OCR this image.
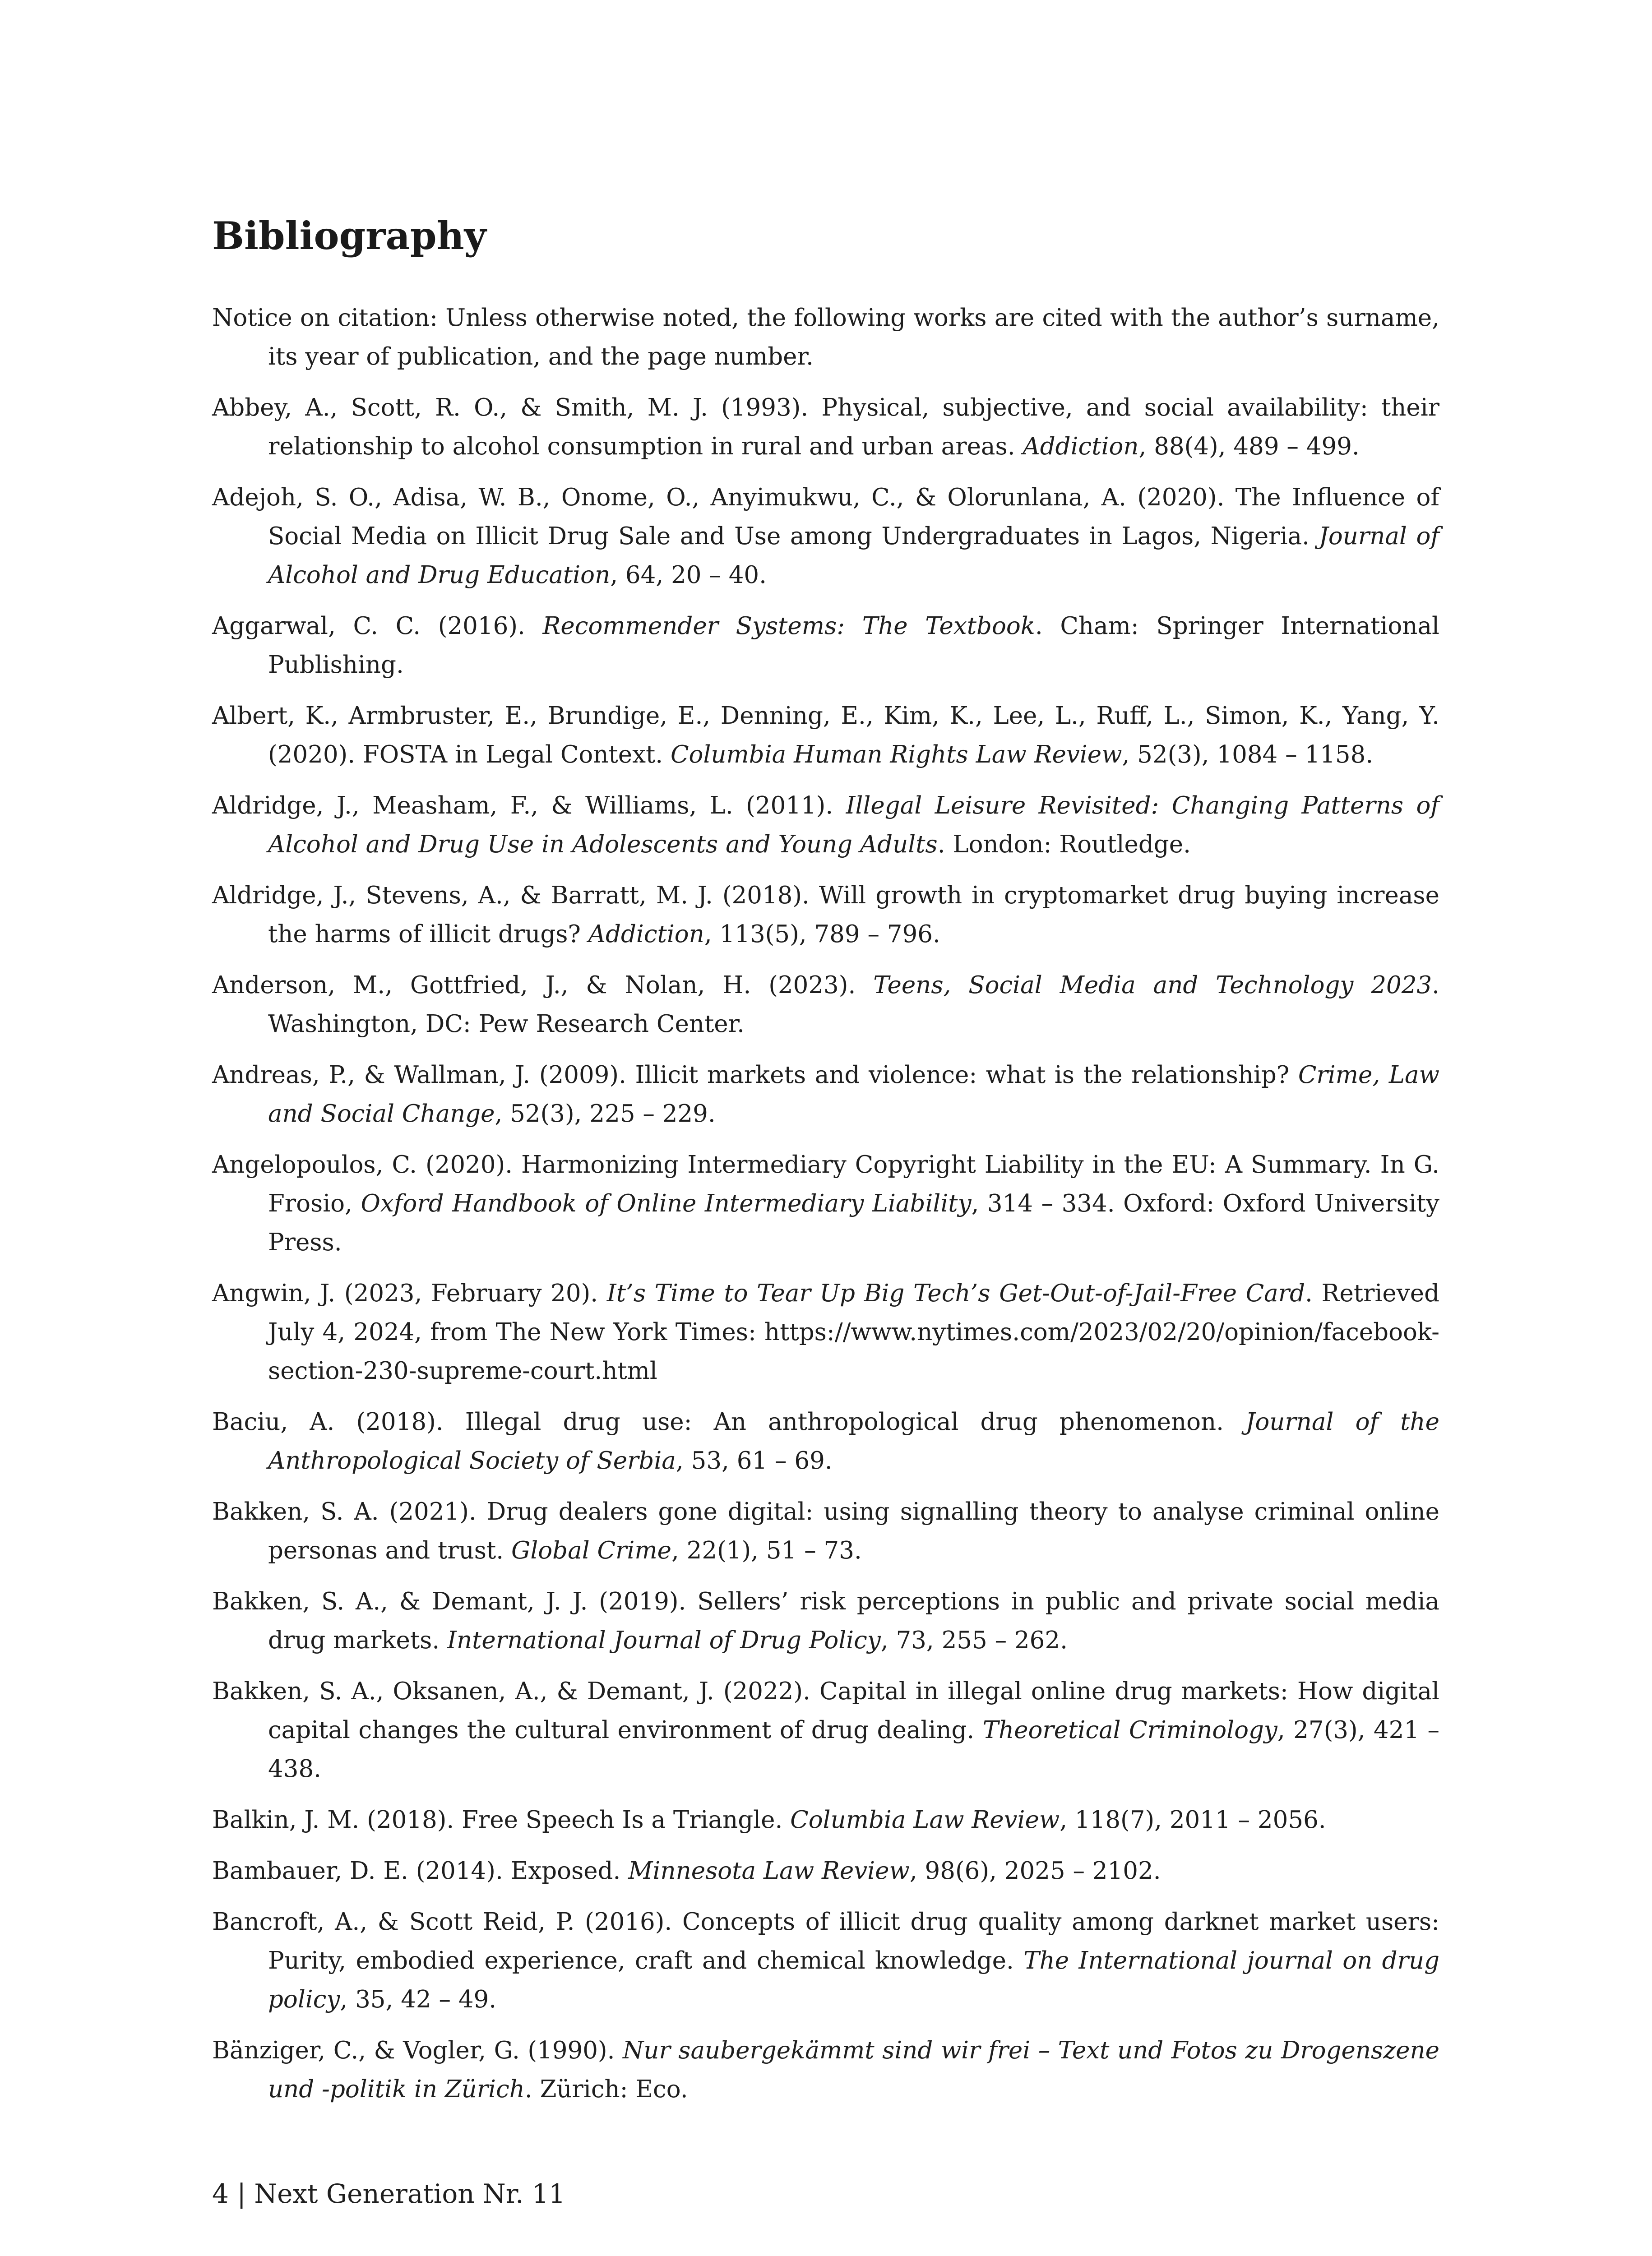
Bibliography
Notice on citation: Unless otherwise noted, the following works are cited with the author’s surname, its year of publication, and the page number.
Abbey, A., Scott, R. O., & Smith, M. J. (1993). Physical, subjective, and social availability: their relationship to alcohol consumption in rural and urban areas. Addiction, 88(4), 489 – 499.
Adejoh, S. O., Adisa, W. B., Onome, O., Anyimukwu, C., & Olorunlana, A. (2020). The Influence of Social Media on Illicit Drug Sale and Use among Undergraduates in Lagos, Nigeria. Journal of Alcohol and Drug Education, 64, 20 – 40.
Aggarwal, C. C. (2016). Recommender Systems: The Textbook. Cham: Springer International Publishing.
Albert, K., Armbruster, E., Brundige, E., Denning, E., Kim, K., Lee, L., Ruff, L., Simon, K., Yang, Y. (2020). FOSTA in Legal Context. Columbia Human Rights Law Review, 52(3), 1084 – 1158.
Aldridge, J., Measham, F., & Williams, L. (2011). Illegal Leisure Revisited: Changing Patterns of Alcohol and Drug Use in Adolescents and Young Adults. London: Routledge.
Aldridge, J., Stevens, A., & Barratt, M. J. (2018). Will growth in cryptomarket drug buying increase the harms of illicit drugs? Addiction, 113(5), 789 – 796.
Anderson, M., Gottfried, J., & Nolan, H. (2023). Teens, Social Media and Technology 2023. Washington, DC: Pew Research Center.
Andreas, P., & Wallman, J. (2009). Illicit markets and violence: what is the relationship? Crime, Law and Social Change, 52(3), 225 – 229.
Angelopoulos, C. (2020). Harmonizing Intermediary Copyright Liability in the EU: A Summary. In G. Frosio, Oxford Handbook of Online Intermediary Liability, 314 – 334. Oxford: Oxford University Press.
Angwin, J. (2023, February 20). It’s Time to Tear Up Big Tech’s Get-Out-of-Jail-Free Card. Retrieved July 4, 2024, from The New York Times: https://www.nytimes.com/2023/02/20/opinion/facebook-section-230-supreme-court.html
Baciu, A. (2018). Illegal drug use: An anthropological drug phenomenon. Journal of the Anthropological Society of Serbia, 53, 61 – 69.
Bakken, S. A. (2021). Drug dealers gone digital: using signalling theory to analyse criminal online personas and trust. Global Crime, 22(1), 51 – 73.
Bakken, S. A., & Demant, J. J. (2019). Sellers’ risk perceptions in public and private social media drug markets. International Journal of Drug Policy, 73, 255 – 262.
Bakken, S. A., Oksanen, A., & Demant, J. (2022). Capital in illegal online drug markets: How digital capital changes the cultural environment of drug dealing. Theoretical Criminology, 27(3), 421 – 438.
Balkin, J. M. (2018). Free Speech Is a Triangle. Columbia Law Review, 118(7), 2011 – 2056.
Bambauer, D. E. (2014). Exposed. Minnesota Law Review, 98(6), 2025 – 2102.
Bancroft, A., & Scott Reid, P. (2016). Concepts of illicit drug quality among darknet market users: Purity, embodied experience, craft and chemical knowledge. The International journal on drug policy, 35, 42 – 49.
Bänziger, C., & Vogler, G. (1990). Nur saubergekämmt sind wir frei – Text und Fotos zu Drogenszene und -politik in Zürich. Zürich: Eco.

4 | Next Generation Nr. 11
